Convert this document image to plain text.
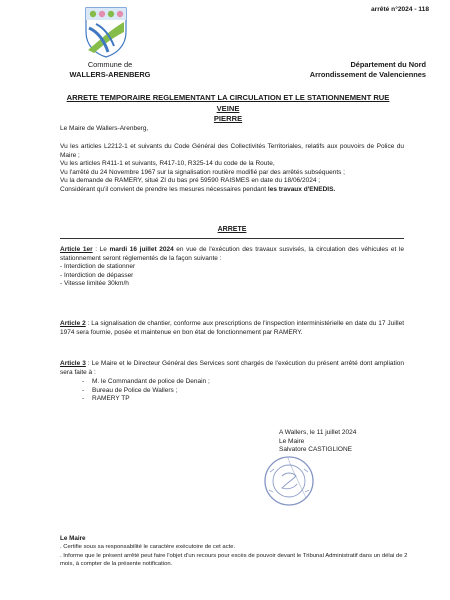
arrêté n°2024 - 118
Commune de
WALLERS-ARENBERG
Département du Nord
Arrondissement de Valenciennes
ARRETE TEMPORAIRE REGLEMENTANT LA CIRCULATION ET LE STATIONNEMENT RUE VEINE
PIERRE
Le Maire de Wallers-Arenberg,
Vu les articles L2212-1 et suivants du Code Général des Collectivités Territoriales, relatifs aux pouvoirs de Police du Maire ;
Vu les articles R411-1 et suivants, R417-10, R325-14 du code de la Route,
Vu l'arrêté du 24 Novembre 1967 sur la signalisation routière modifié par des arrêtés subséquents ;
Vu la demande de RAMERY, situé ZI du bas pré 59590 RAISMES en date du 18/06/2024 ;
Considérant qu'il convient de prendre les mesures nécessaires pendant les travaux d'ENEDIS.
ARRETE
Article 1er : Le mardi 16 juillet 2024 en vue de l'exécution des travaux susvisés, la circulation des véhicules et le stationnement seront réglementés de la façon suivante :
- Interdiction de stationner
- Interdiction de dépasser
- Vitesse limitée 30km/h
Article 2 : La signalisation de chantier, conforme aux prescriptions de l'inspection interministérielle en date du 17 Juillet 1974 sera fournie, posée et maintenue en bon état de fonctionnement par RAMERY.
Article 3 : Le Maire et le Directeur Général des Services sont chargés de l'exécution du présent arrêté dont ampliation sera faite à :
- M. le Commandant de police de Denain ;
- Bureau de Police de Wallers ;
- RAMERY TP
A Wallers, le 11 juillet 2024
Le Maire
Salvatore CASTIGLIONE
Le Maire
. Certifie sous sa responsabilité le caractère exécutoire de cet acte.
. Informe que le présent arrêté peut faire l'objet d'un recours pour excès de pouvoir devant le Tribunal Administratif dans un délai de 2 mois, à compter de la présente notification.
